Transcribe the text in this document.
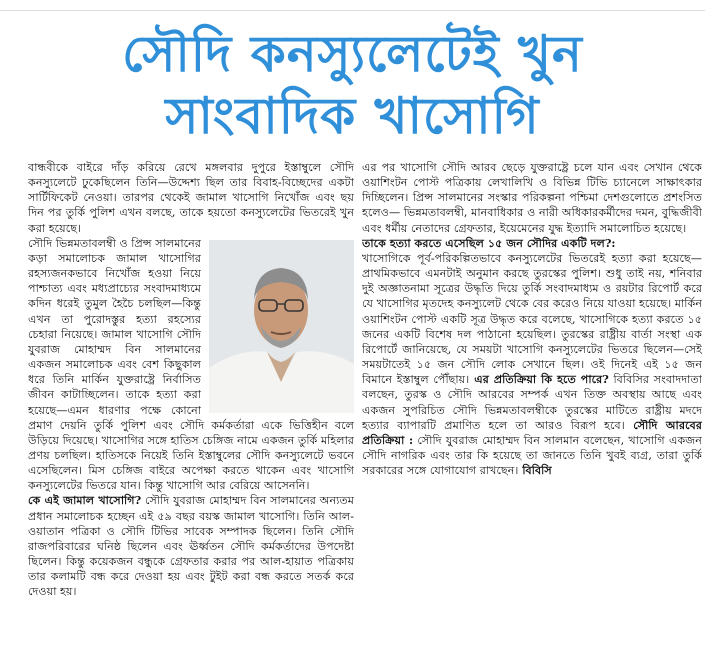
সৌদি কনস্যুলেটেই খুন
সাংবাদিক খাসোগি

বান্ধবীকে বাইরে দাঁড় করিয়ে রেখে মঙ্গলবার দুপুরে ইস্তাম্বুলে সৌদি কনস্যুলেটে ঢুকেছিলেন তিনি—উদ্দেশ্য ছিল তার বিবাহ-বিচ্ছেদের একটা সার্টিফিকেট নেওয়া। তারপর থেকেই জামাল খাসোগি নিখোঁজ এবং ছয় দিন পর তুর্কি পুলিশ এখন বলছে, তাকে হয়তো কনস্যুলেটের ভিতরেই খুন করা হয়েছে।

সৌদি ভিন্নমতাবলম্বী ও প্রিন্স সালমানের কড়া সমালোচক জামাল খাসোগির রহস্যজনকভাবে নিখোঁজ হওয়া নিয়ে পাশ্চাত্য এবং মধ্যপ্রাচ্যের সংবাদমাধ্যমে কদিন ধরেই তুমুল হৈচৈ চলছিল—কিন্তু এখন তা পুরোদস্তুর হত্যা রহস্যের চেহারা নিয়েছে। জামাল খাসোগি সৌদি যুবরাজ মোহাম্মদ বিন সালমানের একজন সমালোচক এবং বেশ কিছুকাল ধরে তিনি মার্কিন যুক্তরাষ্ট্রে নির্বাসিত জীবন কাটাচ্ছিলেন। তাকে হত্যা করা হয়েছে—এমন ধারণার পক্ষে কোনো প্রমাণ দেয়নি তুর্কি পুলিশ এবং সৌদি কর্মকর্তারা একে ভিত্তিহীন বলে উড়িয়ে দিয়েছে। খাসোগির সঙ্গে হাতিস চেঙ্গিজ নামে একজন তুর্কি মহিলার প্রণয় চলছিল। হাতিসকে নিয়েই তিনি ইস্তাম্বুলের সৌদি কনস্যুলেটে ভবনে এসেছিলেন। মিস চেঙ্গিজ বাইরে অপেক্ষা করতে থাকেন এবং খাসোগি কনস্যুলেটের ভিতরে যান। কিন্তু খাসোগি আর বেরিয়ে আসেননি।

কে এই জামাল খাসোগি? সৌদি যুবরাজ মোহাম্মদ বিন সালমানের অন্যতম প্রধান সমালোচক হচ্ছেন এই ৫৯ বছর বয়স্ক জামাল খাসোগি। তিনি আল-ওয়াতান পত্রিকা ও সৌদি টিভির সাবেক সম্পাদক ছিলেন। তিনি সৌদি রাজপরিবারের ঘনিষ্ঠ ছিলেন এবং ঊর্ধ্বতন সৌদি কর্মকর্তাদের উপদেষ্টা ছিলেন। কিন্তু কয়েকজন বন্ধুকে গ্রেফতার করার পর আল-হায়াত পত্রিকায় তার কলামটি বন্ধ করে দেওয়া হয় এবং টুইট করা বন্ধ করতে সতর্ক করে দেওয়া হয়।

এর পর খাসোগি সৌদি আরব ছেড়ে যুক্তরাষ্ট্রে চলে যান এবং সেখান থেকে ওয়াশিংটন পোস্ট পত্রিকায় লেখালিখি ও বিভিন্ন টিভি চ্যানেলে সাক্ষাৎকার দিচ্ছিলেন। প্রিন্স সালমানের সংস্কার পরিকল্পনা পশ্চিমা দেশগুলোতে প্রশংসিত হলেও— ভিন্নমতাবলম্বী, মানবাধিকার ও নারী অধিকারকর্মীদের দমন, বুদ্ধিজীবী এবং ধর্মীয় নেতাদের গ্রেফতার, ইয়েমেনের যুদ্ধ ইত্যাদি সমালোচিত হয়েছে।

তাকে হত্যা করতে এসেছিল ১৫ জন সৌদির একটি দল?:

খাসোগিকে পূর্ব-পরিকল্পিতভাবে কনস্যুলেটের ভিতরেই হত্যা করা হয়েছে—প্রাথমিকভাবে এমনটাই অনুমান করছে তুরস্কের পুলিশ। শুধু তাই নয়, শনিবার দুই অজ্ঞাতনামা সূত্রের উদ্ধৃতি দিয়ে তুর্কি সংবাদমাধ্যম ও রয়টার রিপোর্ট করে যে খাসোগির মৃতদেহ কনস্যুলেট থেকে বের করেও নিয়ে যাওয়া হয়েছে। মার্কিন ওয়াশিংটন পোস্ট একটি সূত্র উদ্ধৃত করে বলেছে, খাসোগিকে হত্যা করতে ১৫ জনের একটি বিশেষ দল পাঠানো হয়েছিল। তুরস্কের রাষ্ট্রীয় বার্তা সংস্থা এক রিপোর্টে জানিয়েছে, যে সময়টা খাসোগি কনস্যুলেটের ভিতরে ছিলেন—সেই সময়টাতেই ১৫ জন সৌদি লোক সেখানে ছিল। ওই দিনেই এই ১৫ জন বিমানে ইস্তাম্বুল পৌঁছায়। এর প্রতিক্রিয়া কি হতে পারে? বিবিসির সংবাদদাতা বলছেন, তুরস্ক ও সৌদি আরবের সম্পর্ক এখন তিক্ত অবস্থায় আছে এবং একজন সুপরিচিত সৌদি ভিন্নমতাবলম্বীকে তুরস্কের মাটিতে রাষ্ট্রীয় মদদে হত্যার ব্যাপারটি প্রমাণিত হলে তা আরও বিরূপ হবে। সৌদি আরবের প্রতিক্রিয়া : সৌদি যুবরাজ মোহাম্মদ বিন সালমান বলেছেন, খাসোগি একজন সৌদি নাগরিক এবং তার কি হয়েছে তা জানতে তিনি খুবই ব্যগ্র, তারা তুর্কি সরকারের সঙ্গে যোগাযোগ রাখছেন। বিবিসি
